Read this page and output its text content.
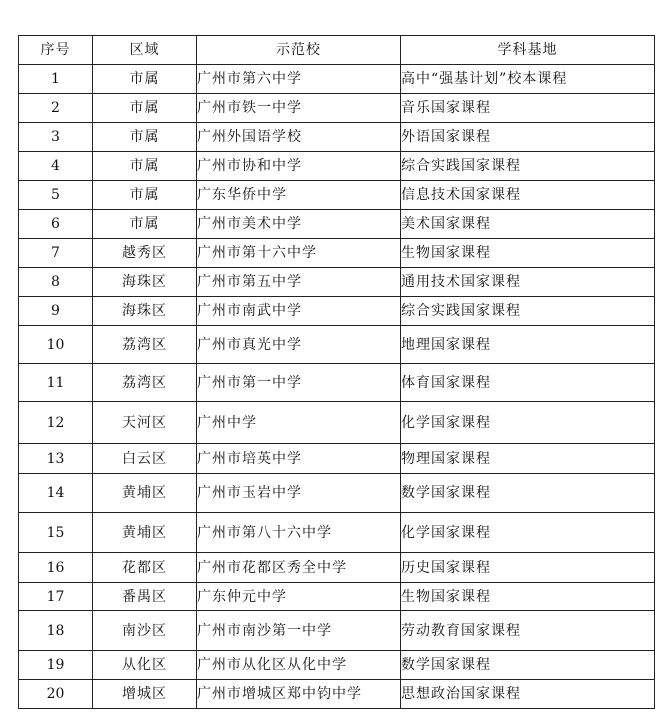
序号	区域	示范校	学科基地
1	市属	广州市第六中学	高中“强基计划”校本课程
2	市属	广州市铁一中学	音乐国家课程
3	市属	广州外国语学校	外语国家课程
4	市属	广州市协和中学	综合实践国家课程
5	市属	广东华侨中学	信息技术国家课程
6	市属	广州市美术中学	美术国家课程
7	越秀区	广州市第十六中学	生物国家课程
8	海珠区	广州市第五中学	通用技术国家课程
9	海珠区	广州市南武中学	综合实践国家课程
10	荔湾区	广州市真光中学	地理国家课程
11	荔湾区	广州市第一中学	体育国家课程
12	天河区	广州中学	化学国家课程
13	白云区	广州市培英中学	物理国家课程
14	黄埔区	广州市玉岩中学	数学国家课程
15	黄埔区	广州市第八十六中学	化学国家课程
16	花都区	广州市花都区秀全中学	历史国家课程
17	番禺区	广东仲元中学	生物国家课程
18	南沙区	广州市南沙第一中学	劳动教育国家课程
19	从化区	广州市从化区从化中学	数学国家课程
20	增城区	广州市增城区郑中钧中学	思想政治国家课程
